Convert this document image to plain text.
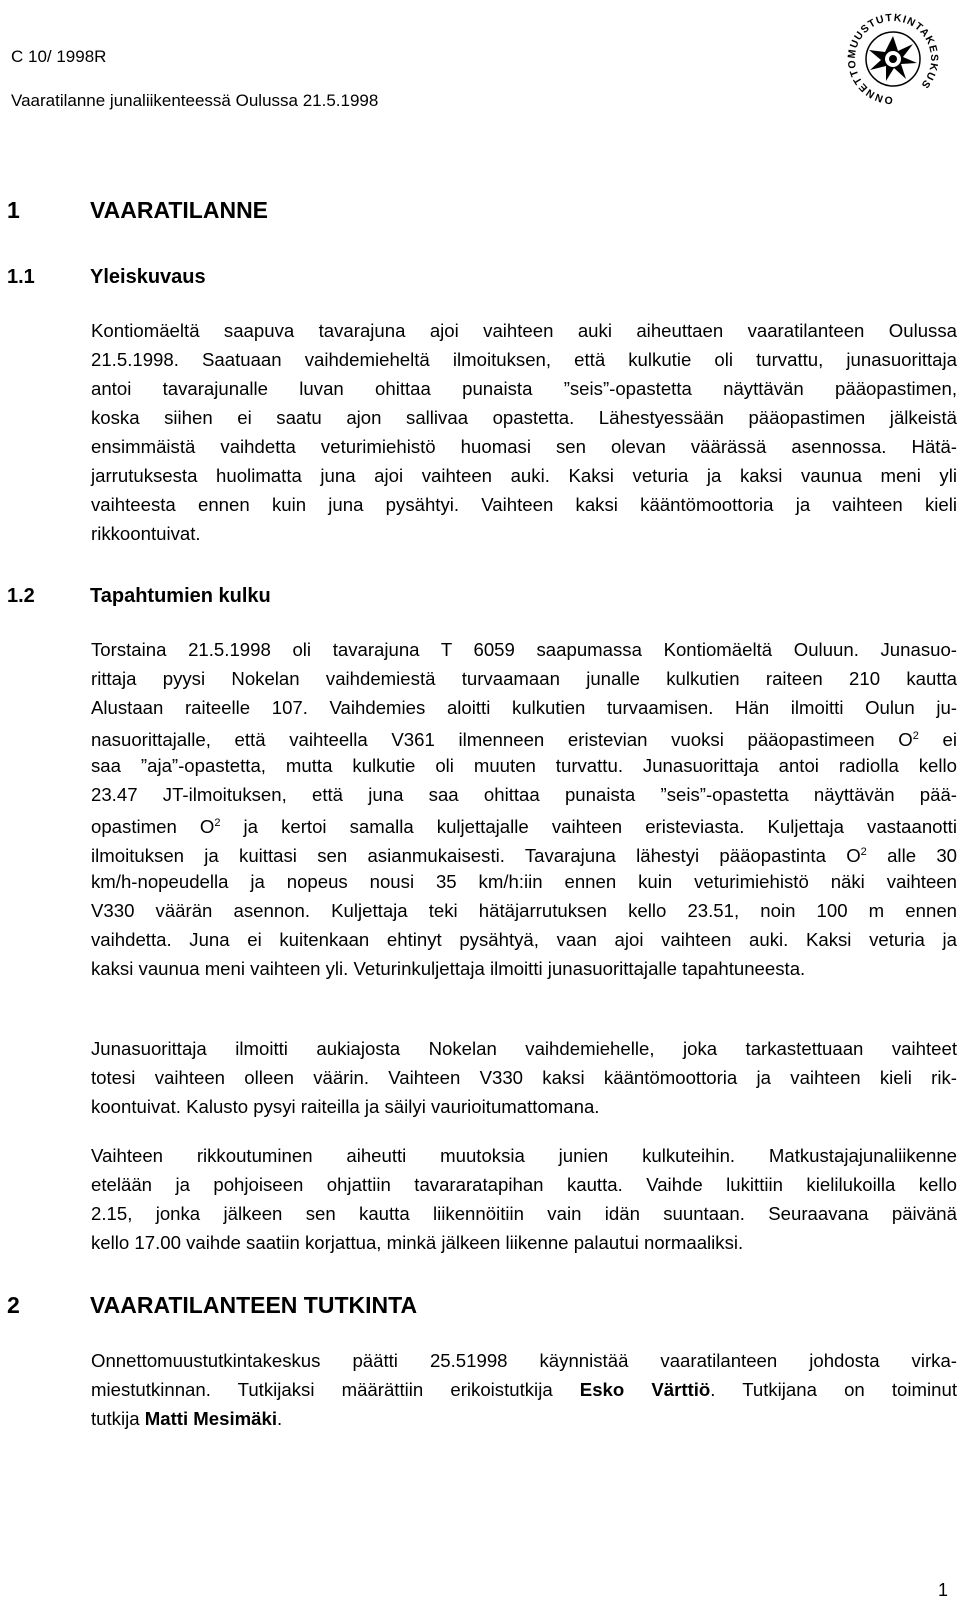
C 10/ 1998R
Vaaratilanne junaliikenteessä Oulussa 21.5.1998	ONNETTOMUUSTUTKINTAKESKUS
1	VAARATILANNE
1.1	Yleiskuvaus
Kontiomäeltä saapuva tavarajuna ajoi vaihteen auki aiheuttaen vaaratilanteen Oulussa
21.5.1998. Saatuaan vaihdemieheltä ilmoituksen, että kulkutie oli turvattu, junasuorittaja
antoi tavarajunalle luvan ohittaa punaista ”seis”-opastetta näyttävän pääopastimen,
koska siihen ei saatu ajon sallivaa opastetta. Lähestyessään pääopastimen jälkeistä
ensimmäistä vaihdetta veturimiehistö huomasi sen olevan väärässä asennossa. Hätä-
jarrutuksesta huolimatta juna ajoi vaihteen auki. Kaksi veturia ja kaksi vaunua meni yli
vaihteesta ennen kuin juna pysähtyi. Vaihteen kaksi kääntömoottoria ja vaihteen kieli
rikkoontuivat.
1.2	Tapahtumien kulku
Torstaina 21.5.1998 oli tavarajuna T 6059 saapumassa Kontiomäeltä Ouluun. Junasuo-
rittaja pyysi Nokelan vaihdemiestä turvaamaan junalle kulkutien raiteen 210 kautta
Alustaan raiteelle 107. Vaihdemies aloitti kulkutien turvaamisen. Hän ilmoitti Oulun ju-
nasuorittajalle, että vaihteella V361 ilmenneen eristevian vuoksi pääopastimeen $O^2$ ei
saa ”aja”-opastetta, mutta kulkutie oli muuten turvattu. Junasuorittaja antoi radiolla kello
23.47 JT-ilmoituksen, että juna saa ohittaa punaista ”seis”-opastetta näyttävän pää-
opastimen $O^2$ ja kertoi samalla kuljettajalle vaihteen eristeviasta. Kuljettaja vastaanotti
ilmoituksen ja kuittasi sen asianmukaisesti. Tavarajuna lähestyi pääopastinta $O^2$ alle 30
km/h-nopeudella ja nopeus nousi 35 km/h:iin ennen kuin veturimiehistö näki vaihteen
V330 väärän asennon. Kuljettaja teki hätäjarrutuksen kello 23.51, noin 100 m ennen
vaihdetta. Juna ei kuitenkaan ehtinyt pysähtyä, vaan ajoi vaihteen auki. Kaksi veturia ja
kaksi vaunua meni vaihteen yli. Veturinkuljettaja ilmoitti junasuorittajalle tapahtuneesta.
Junasuorittaja ilmoitti aukiajosta Nokelan vaihdemiehelle, joka tarkastettuaan vaihteet
totesi vaihteen olleen väärin. Vaihteen V330 kaksi kääntömoottoria ja vaihteen kieli rik-
koontuivat. Kalusto pysyi raiteilla ja säilyi vaurioitumattomana.
Vaihteen rikkoutuminen aiheutti muutoksia junien kulkuteihin. Matkustajajunaliikenne
etelään ja pohjoiseen ohjattiin tavararatapihan kautta. Vaihde lukittiin kielilukoilla kello
2.15, jonka jälkeen sen kautta liikennöitiin vain idän suuntaan. Seuraavana päivänä
kello 17.00 vaihde saatiin korjattua, minkä jälkeen liikenne palautui normaaliksi.
2	VAARATILANTEEN TUTKINTA
Onnettomuustutkintakeskus päätti 25.51998 käynnistää vaaratilanteen johdosta virka-
miestutkinnan. Tutkijaksi määrättiin erikoistutkija Esko Värttiö. Tutkijana on toiminut
tutkija Matti Mesimäki.
1
